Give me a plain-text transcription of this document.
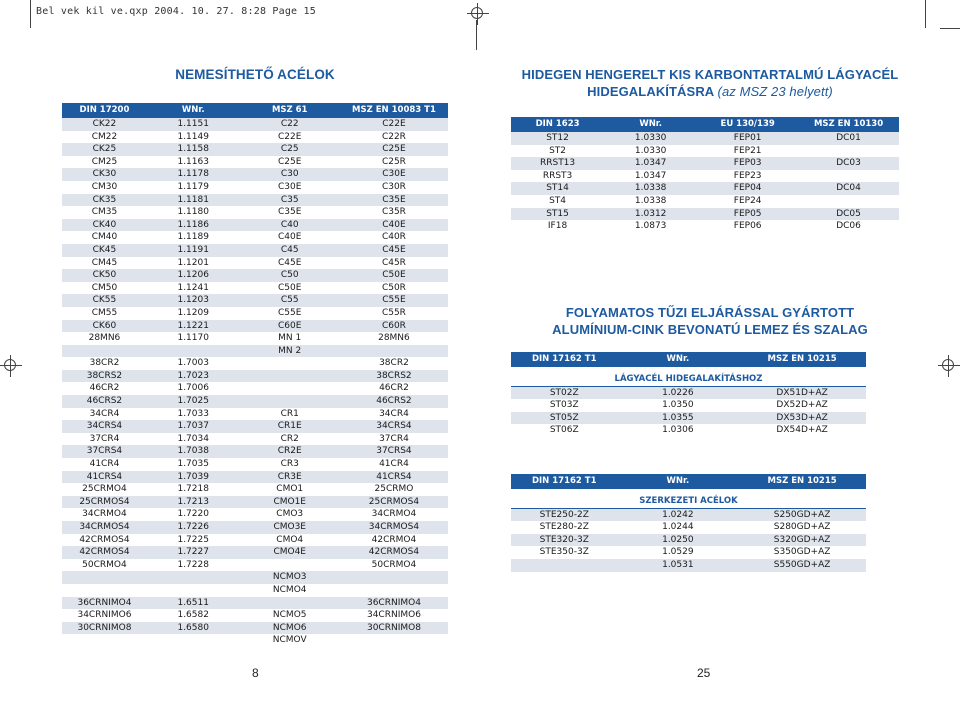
Bel vek kil ve.qxp 2004. 10. 27. 8:28 Page 15
NEMESÍTHETŐ ACÉLOK
DIN 17200	WNr.	MSZ 61	MSZ EN 10083 T1
CK22	1.1151	C22	C22E
CM22	1.1149	C22E	C22R
CK25	1.1158	C25	C25E
CM25	1.1163	C25E	C25R
CK30	1.1178	C30	C30E
CM30	1.1179	C30E	C30R
CK35	1.1181	C35	C35E
CM35	1.1180	C35E	C35R
CK40	1.1186	C40	C40E
CM40	1.1189	C40E	C40R
CK45	1.1191	C45	C45E
CM45	1.1201	C45E	C45R
CK50	1.1206	C50	C50E
CM50	1.1241	C50E	C50R
CK55	1.1203	C55	C55E
CM55	1.1209	C55E	C55R
CK60	1.1221	C60E	C60R
28MN6	1.1170	MN 1	28MN6
		MN 2	
38CR2	1.7003		38CR2
38CRS2	1.7023		38CRS2
46CR2	1.7006		46CR2
46CRS2	1.7025		46CRS2
34CR4	1.7033	CR1	34CR4
34CRS4	1.7037	CR1E	34CRS4
37CR4	1.7034	CR2	37CR4
37CRS4	1.7038	CR2E	37CRS4
41CR4	1.7035	CR3	41CR4
41CRS4	1.7039	CR3E	41CRS4
25CRMO4	1.7218	CMO1	25CRMO
25CRMOS4	1.7213	CMO1E	25CRMOS4
34CRMO4	1.7220	CMO3	34CRMO4
34CRMOS4	1.7226	CMO3E	34CRMOS4
42CRMOS4	1.7225	CMO4	42CRMO4
42CRMOS4	1.7227	CMO4E	42CRMOS4
50CRMO4	1.7228		50CRMO4
		NCMO3	
		NCMO4	
36CRNIMO4	1.6511		36CRNIMO4
34CRNIMO6	1.6582	NCMO5	34CRNIMO6
30CRNIMO8	1.6580	NCMO6	30CRNIMO8
		NCMOV	
8
HIDEGEN HENGERELT KIS KARBONTARTALMÚ LÁGYACÉL
HIDEGALAKÍTÁSRA (az MSZ 23 helyett)
DIN 1623	WNr.	EU 130/139	MSZ EN 10130
ST12	1.0330	FEP01	DC01
ST2	1.0330	FEP21	
RRST13	1.0347	FEP03	DC03
RRST3	1.0347	FEP23	
ST14	1.0338	FEP04	DC04
ST4	1.0338	FEP24	
ST15	1.0312	FEP05	DC05
IF18	1.0873	FEP06	DC06
FOLYAMATOS TŰZI ELJÁRÁSSAL GYÁRTOTT
ALUMÍNIUM-CINK BEVONATÚ LEMEZ ÉS SZALAG
DIN 17162 T1	WNr.	MSZ EN 10215

LÁGYACÉL HIDEGALAKÍTÁSHOZ		
ST02Z	1.0226	DX51D+AZ
ST03Z	1.0350	DX52D+AZ
ST05Z	1.0355	DX53D+AZ
ST06Z	1.0306	DX54D+AZ
DIN 17162 T1	WNr.	MSZ EN 10215

SZERKEZETI ACÉLOK		
STE250-2Z	1.0242	S250GD+AZ
STE280-2Z	1.0244	S280GD+AZ
STE320-3Z	1.0250	S320GD+AZ
STE350-3Z	1.0529	S350GD+AZ
	1.0531	S550GD+AZ
25
